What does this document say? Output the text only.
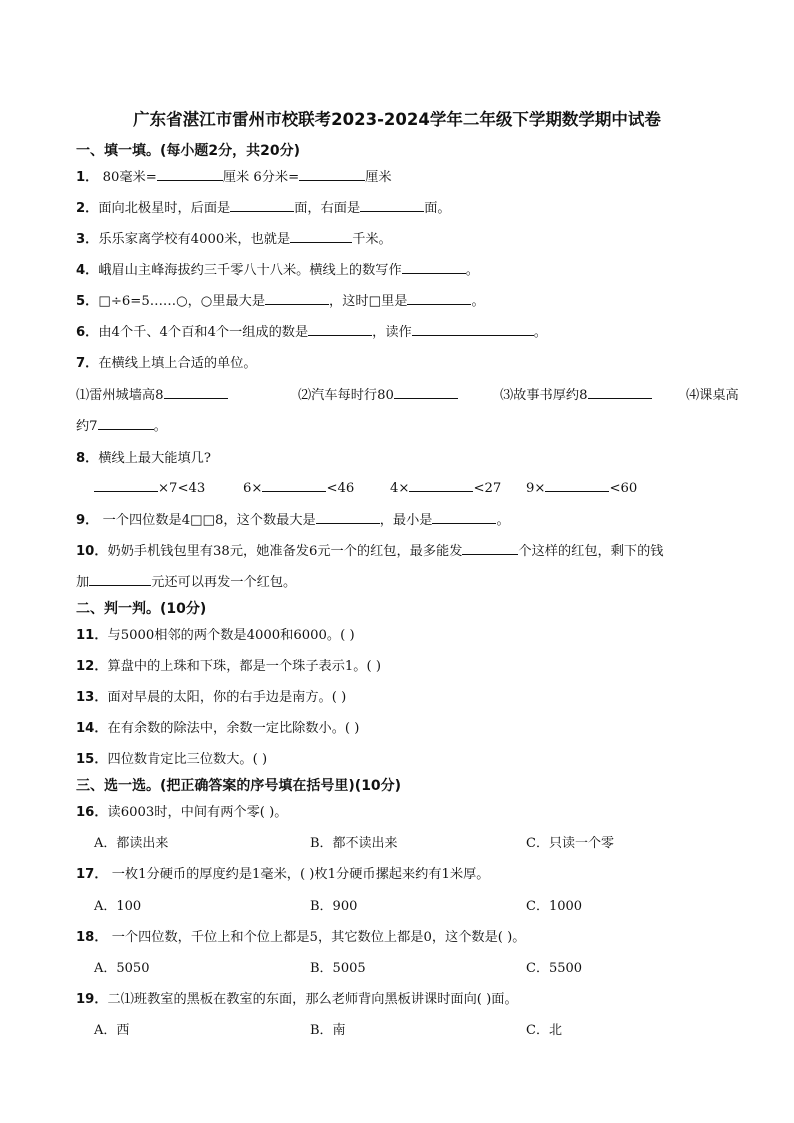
广东省湛江市雷州市校联考2023-2024学年二年级下学期数学期中试卷
一、填一填。(每小题2分，共20分)
1． 80毫米=	厘米 6分米=	厘米
2．面向北极星时，后面是	面，右面是	面。
3．乐乐家离学校有4000米，也就是	千米。
4．峨眉山主峰海拔约三千零八十八米。横线上的数写作	。
5．□÷6=5……○，○里最大是	，这时□里是	。
6．由4个千、4个百和4个一组成的数是	，读作	。
7．在横线上填上合适的单位。
⑴雷州城墙高8	⑵汽车每时行80	⑶故事书厚约8	⑷课桌高
约7	。
8．横线上最大能填几?
×7<43	6×	<46	4×	<27 9×	<60
9． 一个四位数是4□□8，这个数最大是	，最小是	。
10．奶奶手机钱包里有38元，她准备发6元一个的红包，最多能发	个这样的红包，剩下的钱
加	元还可以再发一个红包。
二、判一判。(10分)
11．与5000相邻的两个数是4000和6000。( )
12．算盘中的上珠和下珠，都是一个珠子表示1。( )
13．面对早晨的太阳，你的右手边是南方。( )
14．在有余数的除法中，余数一定比除数小。( )
15．四位数肯定比三位数大。( )
三、选一选。(把正确答案的序号填在括号里)(10分)
16．读6003时，中间有两个零( )。
A．都读出来	B．都不读出来	C．只读一个零
17． 一枚1分硬币的厚度约是1毫米，( )枚1分硬币摞起来约有1米厚。
A．100	B．900	C．1000
18． 一个四位数，千位上和个位上都是5，其它数位上都是0，这个数是( )。
A．5050	B．5005	C．5500
19．二⑴班教室的黑板在教室的东面，那么老师背向黑板讲课时面向( )面。
A．西	B．南	C．北
